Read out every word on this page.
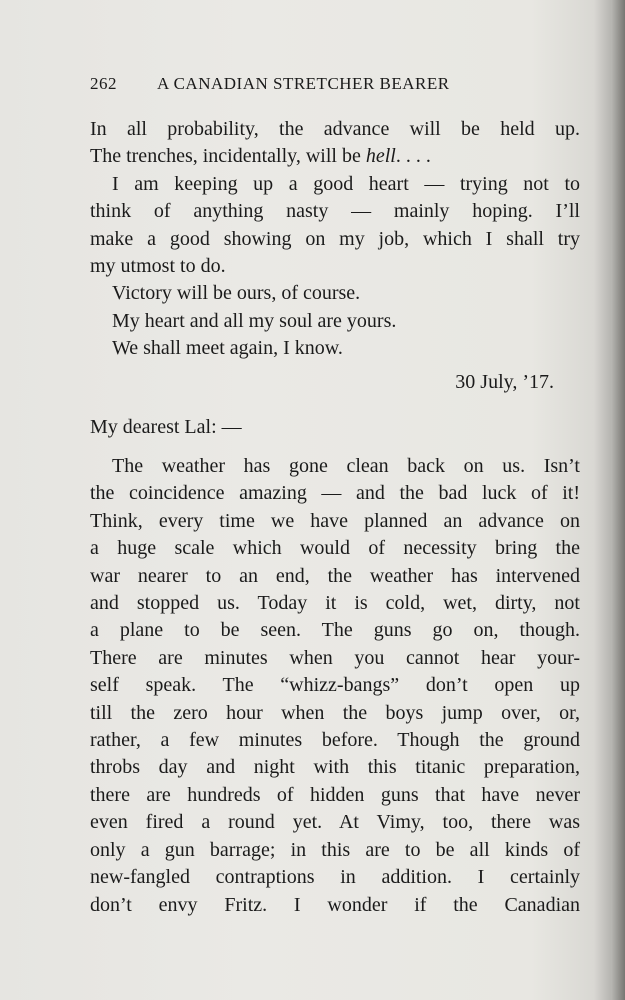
262 A CANADIAN STRETCHER BEARER
In all probability, the advance will be held up.
The trenches, incidentally, will be hell. . . .
I am keeping up a good heart — trying not to
think of anything nasty — mainly hoping. I’ll
make a good showing on my job, which I shall try
my utmost to do.
Victory will be ours, of course.
My heart and all my soul are yours.
We shall meet again, I know.
30 July, ’17.
My dearest Lal: —
The weather has gone clean back on us. Isn’t
the coincidence amazing — and the bad luck of it!
Think, every time we have planned an advance on
a huge scale which would of necessity bring the
war nearer to an end, the weather has intervened
and stopped us. Today it is cold, wet, dirty, not
a plane to be seen. The guns go on, though.
There are minutes when you cannot hear your-
self speak. The “whizz-bangs” don’t open up
till the zero hour when the boys jump over, or,
rather, a few minutes before. Though the ground
throbs day and night with this titanic preparation,
there are hundreds of hidden guns that have never
even fired a round yet. At Vimy, too, there was
only a gun barrage; in this are to be all kinds of
new-fangled contraptions in addition. I certainly
don’t envy Fritz. I wonder if the Canadian
